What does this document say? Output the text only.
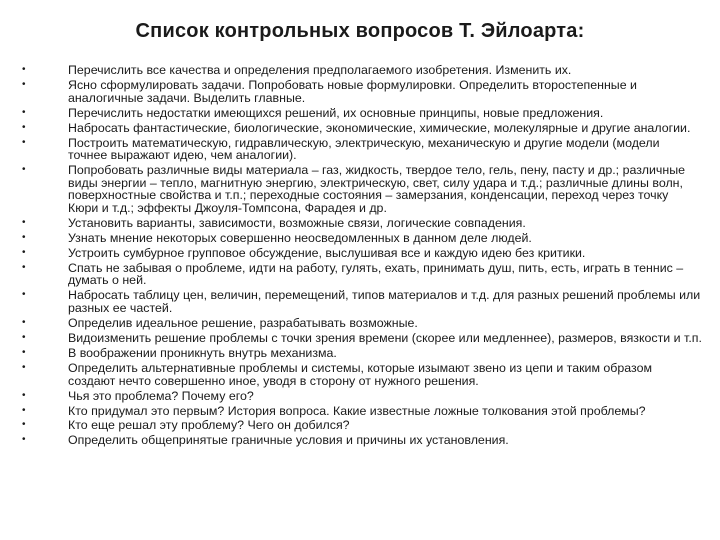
Список контрольных вопросов Т. Эйлоарта:
•	Перечислить все качества и определения предполагаемого изобретения. Изменить их.
•	Ясно сформулировать задачи. Попробовать новые формулировки. Определить второстепенные и аналогичные задачи. Выделить главные.
•	Перечислить недостатки имеющихся решений, их основные принципы, новые предложения.
•	Набросать фантастические, биологические, экономические, химические, молекулярные и другие аналогии.
•	Построить математическую, гидравлическую, электрическую, механическую и другие модели (модели точнее выражают идею, чем аналогии).
•	Попробовать различные виды материала – газ, жидкость, твердое тело, гель, пену, пасту и др.; различные виды энергии – тепло, магнитную энергию, электрическую, свет, силу удара и т.д.; различные длины волн, поверхностные свойства и т.п.; переходные состояния – замерзания, конденсации, переход через точку Кюри и т.д.; эффекты Джоуля-Томпсона, Фарадея и др.
•	Установить варианты, зависимости, возможные связи, логические совпадения.
•	Узнать мнение некоторых совершенно неосведомленных в данном деле людей.
•	Устроить сумбурное групповое обсуждение, выслушивая все и каждую идею без критики.
•	Спать не забывая о проблеме, идти на работу, гулять, ехать, принимать душ, пить, есть, играть в теннис – думать о ней.
•	Набросать таблицу цен, величин, перемещений, типов материалов и т.д. для разных решений проблемы или разных ее частей.
•	Определив идеальное решение, разрабатывать возможные.
•	Видоизменить решение проблемы с точки зрения времени (скорее или медленнее), размеров, вязкости и т.п.
•	В воображении проникнуть внутрь механизма.
•	Определить альтернативные проблемы и системы, которые изымают звено из цепи и таким образом создают нечто совершенно иное, уводя в сторону от нужного решения.
•	Чья это проблема? Почему его?
•	Кто придумал это первым? История вопроса. Какие известные ложные толкования этой проблемы?
•	Кто еще решал эту проблему? Чего он добился?
•	Определить общепринятые граничные условия и причины их установления.
